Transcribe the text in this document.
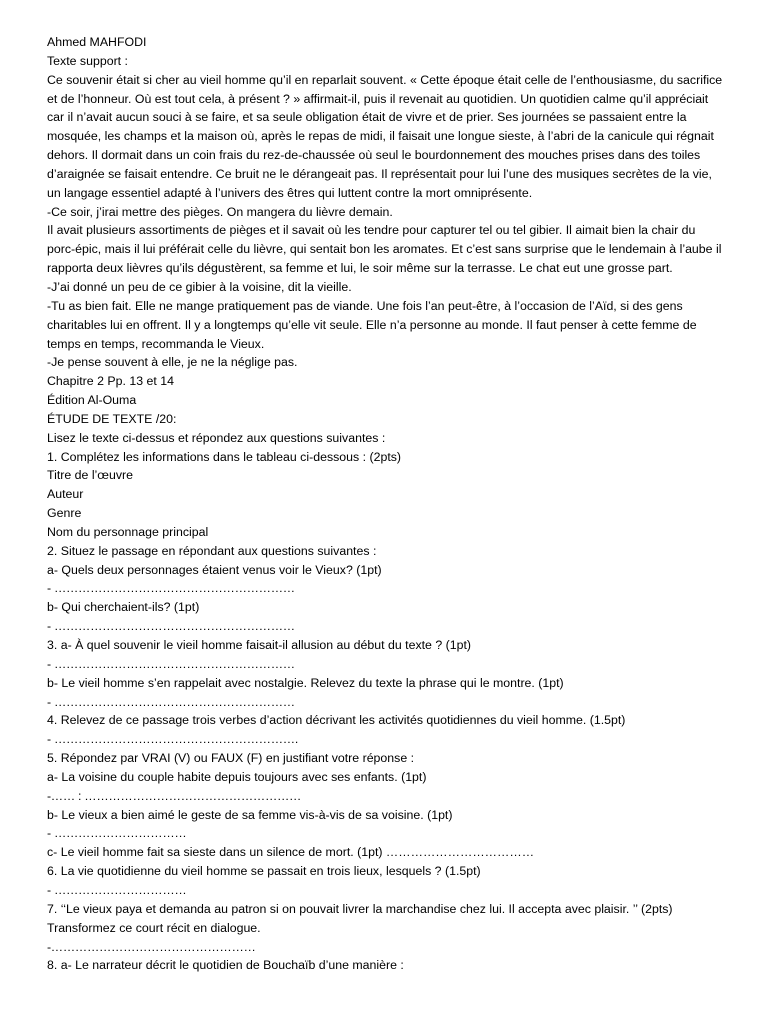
Ahmed MAHFODI
Texte support :
Ce souvenir était si cher au vieil homme qu’il en reparlait souvent. « Cette époque était celle de l’enthousiasme, du sacrifice et de l’honneur. Où est tout cela, à présent ? » affirmait-il, puis il revenait au quotidien. Un quotidien calme qu’il appréciait car il n’avait aucun souci à se faire, et sa seule obligation était de vivre et de prier. Ses journées se passaient entre la mosquée, les champs et la maison où, après le repas de midi, il faisait une longue sieste, à l’abri de la canicule qui régnait dehors. Il dormait dans un coin frais du rez-de-chaussée où seul le bourdonnement des mouches prises dans des toiles d’araignée se faisait entendre. Ce bruit ne le dérangeait pas. Il représentait pour lui l’une des musiques secrètes de la vie, un langage essentiel adapté à l’univers des êtres qui luttent contre la mort omniprésente.
-Ce soir, j’irai mettre des pièges. On mangera du lièvre demain.
Il avait plusieurs assortiments de pièges et il savait où les tendre pour capturer tel ou tel gibier. Il aimait bien la chair du porc-épic, mais il lui préférait celle du lièvre, qui sentait bon les aromates. Et c’est sans surprise que le lendemain à l’aube il rapporta deux lièvres qu’ils dégustèrent, sa femme et lui, le soir même sur la terrasse. Le chat eut une grosse part.
-J’ai donné un peu de ce gibier à la voisine, dit la vieille.
-Tu as bien fait. Elle ne mange pratiquement pas de viande. Une fois l’an peut-être, à l’occasion de l’Aïd, si des gens charitables lui en offrent. Il y a longtemps qu’elle vit seule. Elle n’a personne au monde. Il faut penser à cette femme de temps en temps, recommanda le Vieux.
-Je pense souvent à elle, je ne la néglige pas.
Chapitre 2 Pp. 13 et 14
Édition Al-Ouma
ÉTUDE DE TEXTE /20:
Lisez le texte ci-dessus et répondez aux questions suivantes :
1. Complétez les informations dans le tableau ci-dessous : (2pts)
Titre de l’œuvre
Auteur
Genre
Nom du personnage principal
2. Situez le passage en répondant aux questions suivantes :
a- Quels deux personnages étaient venus voir le Vieux? (1pt)
- ……………………………………………………
b- Qui cherchaient-ils? (1pt)
- ……………………………………………………
3. a- À quel souvenir le vieil homme faisait-il allusion au début du texte ? (1pt)
- ……………………………………………………
b- Le vieil homme s’en rappelait avec nostalgie. Relevez du texte la phrase qui le montre. (1pt)
- ……………………………………………………
4. Relevez de ce passage trois verbes d’action décrivant les activités quotidiennes du vieil homme. (1.5pt)
- …………………………………………………….
5. Répondez par VRAI (V) ou FAUX (F) en justifiant votre réponse :
a- La voisine du couple habite depuis toujours avec ses enfants. (1pt)
-…… : ………………………………………………
b- Le vieux a bien aimé le geste de sa femme vis-à-vis de sa voisine. (1pt)
- ……………………………
c- Le vieil homme fait sa sieste dans un silence de mort. (1pt) ………………………………
6. La vie quotidienne du vieil homme se passait en trois lieux, lesquels ? (1.5pt)
- ……………………………
7. ‘‘Le vieux paya et demanda au patron si on pouvait livrer la marchandise chez lui. Il accepta avec plaisir. ’’ (2pts)
Transformez ce court récit en dialogue.
-……………………………………………
8. a- Le narrateur décrit le quotidien de Bouchaïb d’une manière :
